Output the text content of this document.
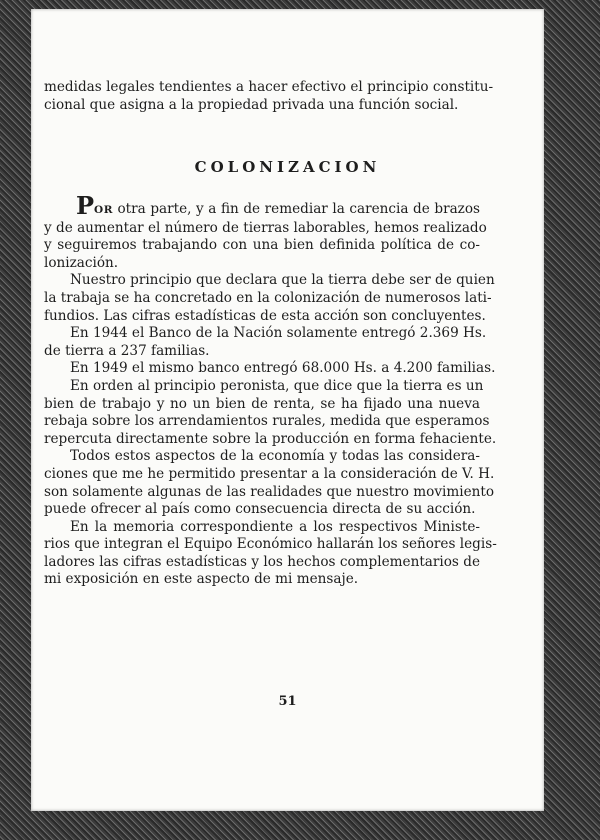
medidas legales tendientes a hacer efectivo el principio constitu-
cional que asigna a la propiedad privada una función social.
COLONIZACION
POR otra parte, y a fin de remediar la carencia de brazos
y de aumentar el número de tierras laborables, hemos realizado
y seguiremos trabajando con una bien definida política de co-
lonización.
Nuestro principio que declara que la tierra debe ser de quien
la trabaja se ha concretado en la colonización de numerosos lati-
fundios. Las cifras estadísticas de esta acción son concluyentes.
En 1944 el Banco de la Nación solamente entregó 2.369 Hs.
de tierra a 237 familias.
En 1949 el mismo banco entregó 68.000 Hs. a 4.200 familias.
En orden al principio peronista, que dice que la tierra es un
bien de trabajo y no un bien de renta, se ha fijado una nueva
rebaja sobre los arrendamientos rurales, medida que esperamos
repercuta directamente sobre la producción en forma fehaciente.
Todos estos aspectos de la economía y todas las considera-
ciones que me he permitido presentar a la consideración de V. H.
son solamente algunas de las realidades que nuestro movimiento
puede ofrecer al país como consecuencia directa de su acción.
En la memoria correspondiente a los respectivos Ministe-
rios que integran el Equipo Económico hallarán los señores legis-
ladores las cifras estadísticas y los hechos complementarios de
mi exposición en este aspecto de mi mensaje.
51
